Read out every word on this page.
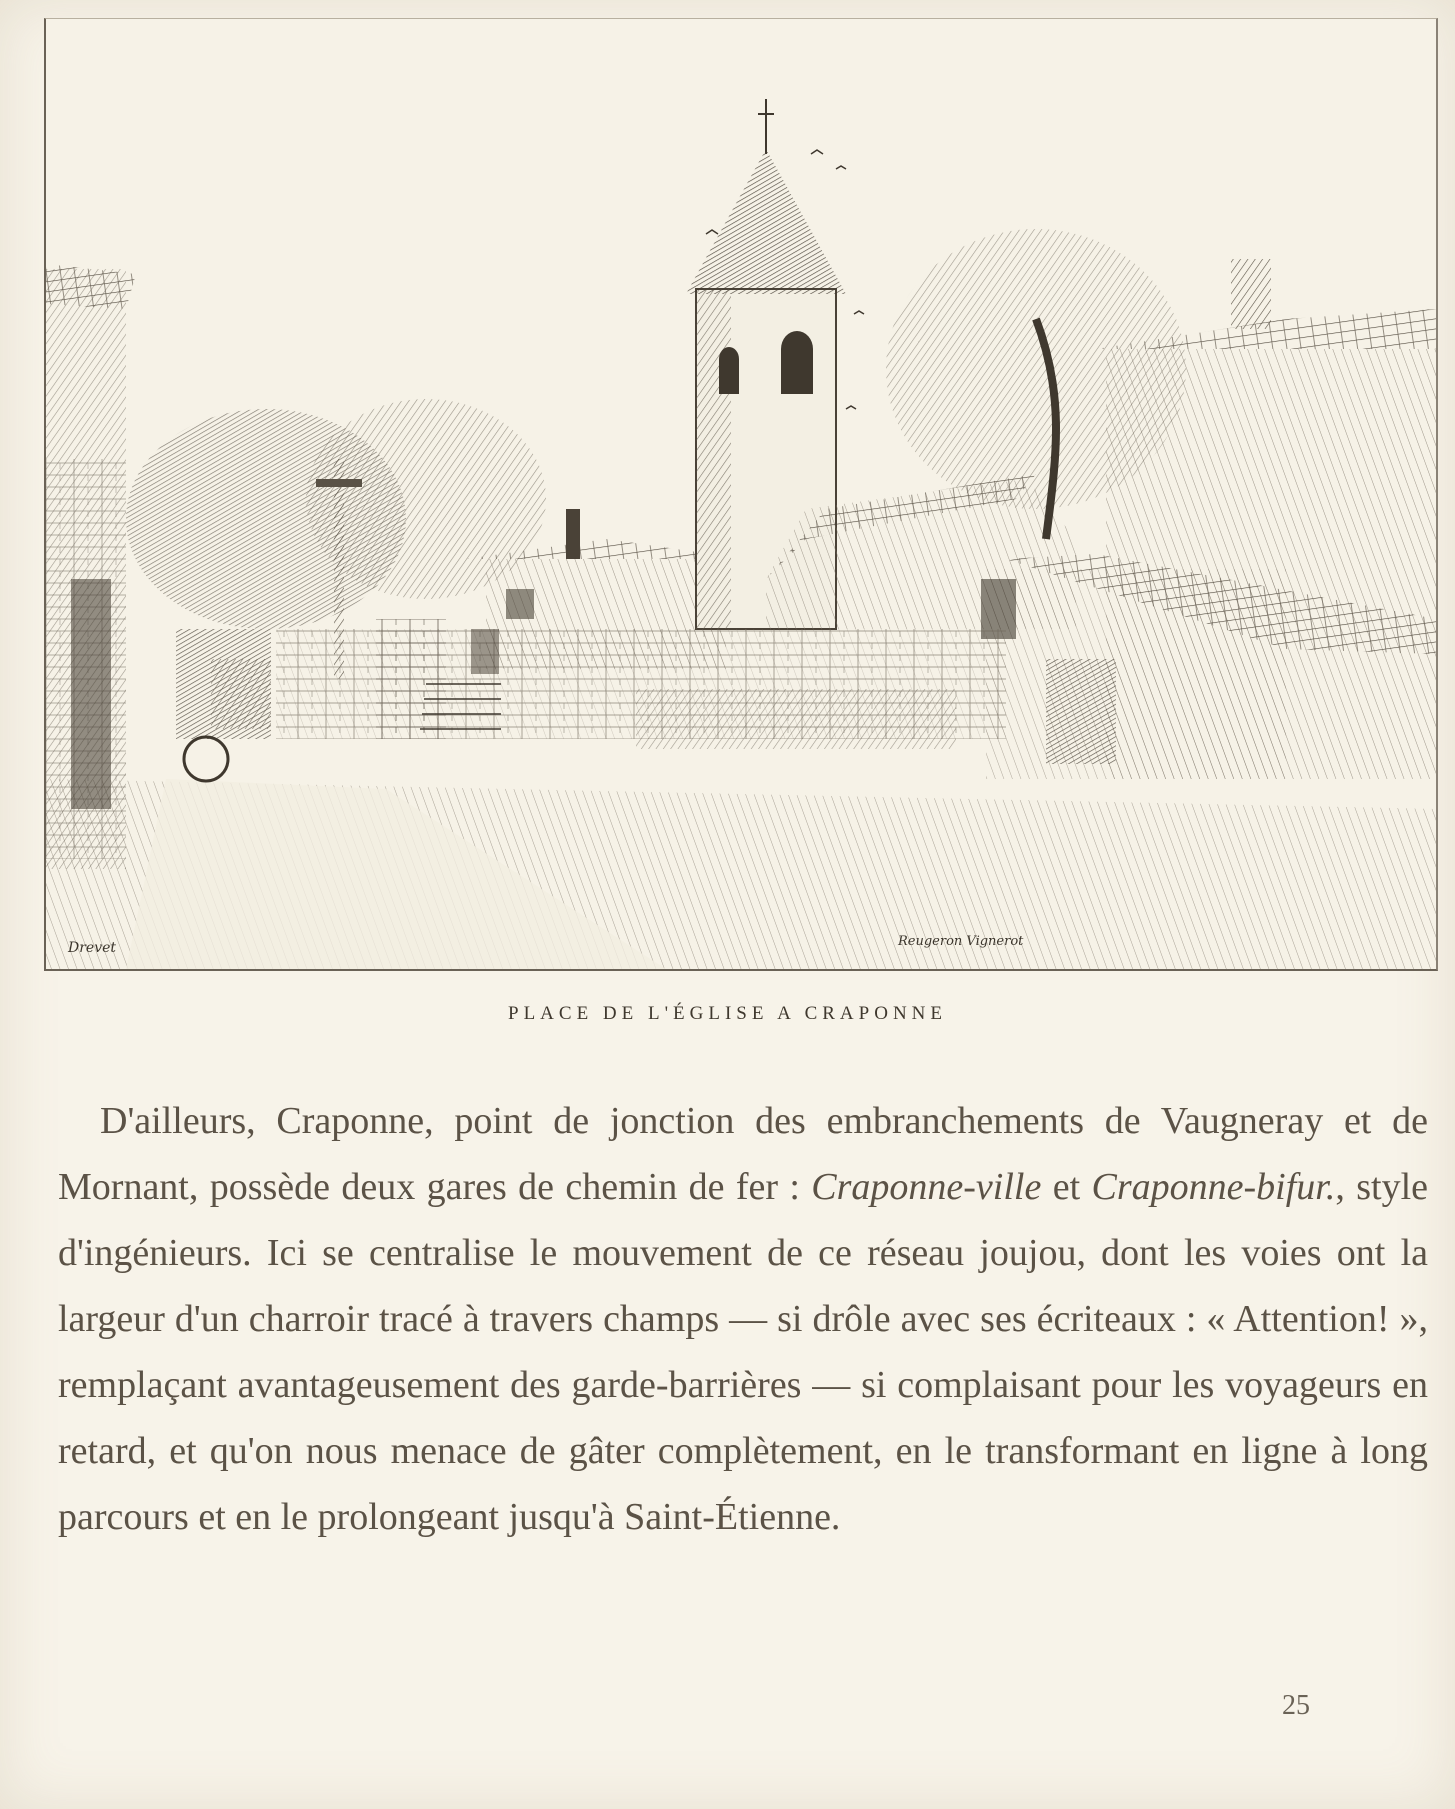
Drevet	Reugeron Vignerot
PLACE DE L'ÉGLISE A CRAPONNE

D'ailleurs, Craponne, point de jonction des embranchements de Vaugneray et de Mornant, possède deux gares de chemin de fer : Craponne-ville et Craponne-bifur., style d'ingénieurs. Ici se centralise le mouvement de ce réseau joujou, dont les voies ont la largeur d'un charroir tracé à travers champs — si drôle avec ses écriteaux : « Attention! », remplaçant avantageusement des garde-barrières — si complaisant pour les voyageurs en retard, et qu'on nous menace de gâter complètement, en le transformant en ligne à long parcours et en le prolongeant jusqu'à Saint-Étienne.

25
